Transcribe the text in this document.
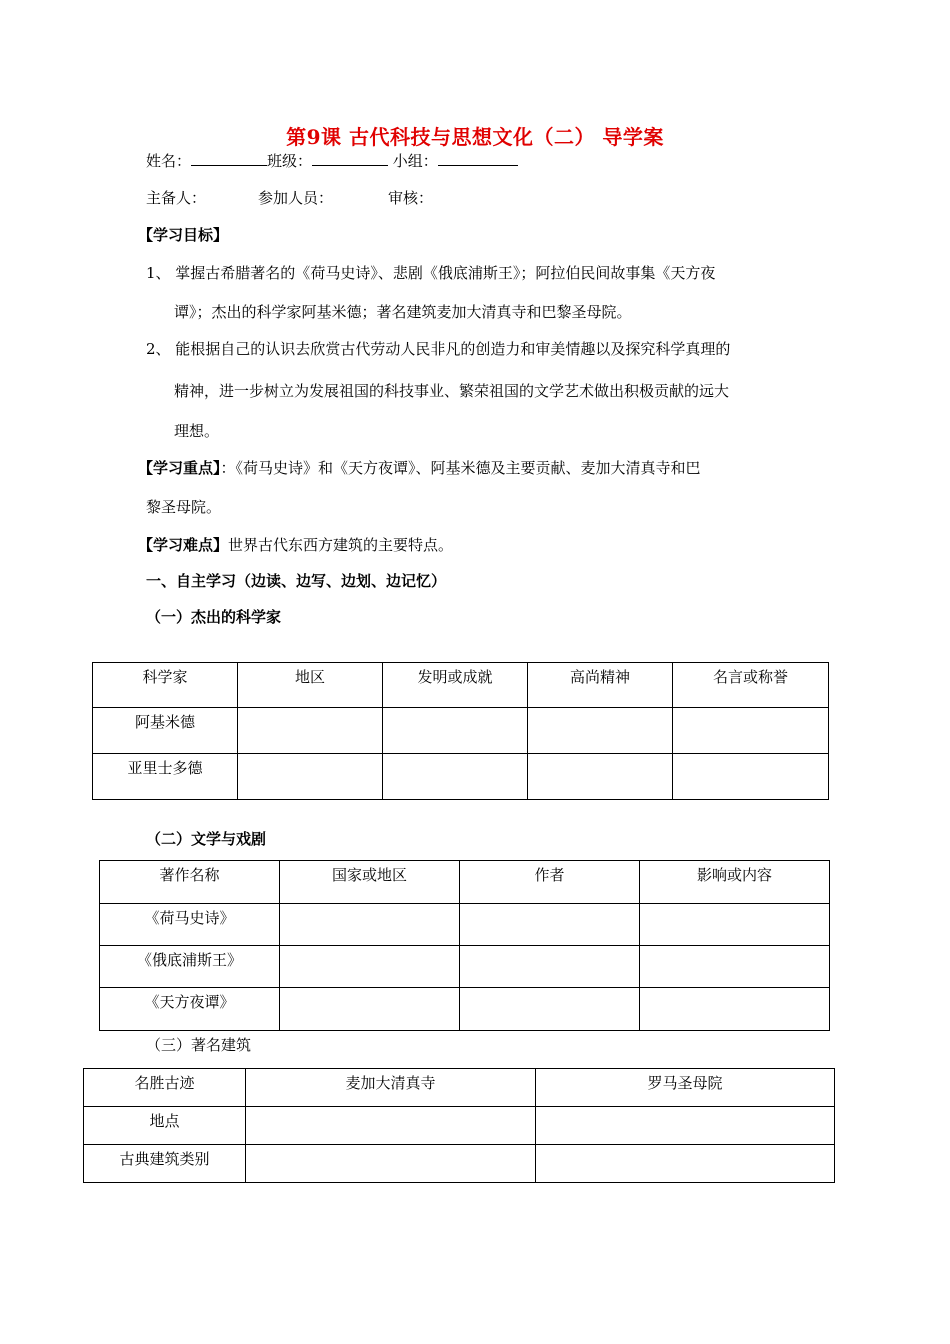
第9课 古代科技与思想文化（二） 导学案
姓名：	班级：	小组：
主备人：	参加人员：	审核：
【学习目标】
1、 掌握古希腊著名的《荷马史诗》、悲剧《俄底浦斯王》；阿拉伯民间故事集《天方夜
谭》；杰出的科学家阿基米德；著名建筑麦加大清真寺和巴黎圣母院。
2、 能根据自己的认识去欣赏古代劳动人民非凡的创造力和审美情趣以及探究科学真理的
精神，进一步树立为发展祖国的科技事业、繁荣祖国的文学艺术做出积极贡献的远大
理想。
【学习重点】：《荷马史诗》和《天方夜谭》、阿基米德及主要贡献、麦加大清真寺和巴
黎圣母院。
【学习难点】世界古代东西方建筑的主要特点。
一、自主学习（边读、边写、边划、边记忆）
（一）杰出的科学家
科学家	地区	发明或成就	高尚精神	名言或称誉
阿基米德				
亚里士多德				
（二）文学与戏剧
著作名称	国家或地区	作者	影响或内容
《荷马史诗》			
《俄底浦斯王》			
《天方夜谭》			
（三）著名建筑
名胜古迹	麦加大清真寺	罗马圣母院
地点		
古典建筑类别		
